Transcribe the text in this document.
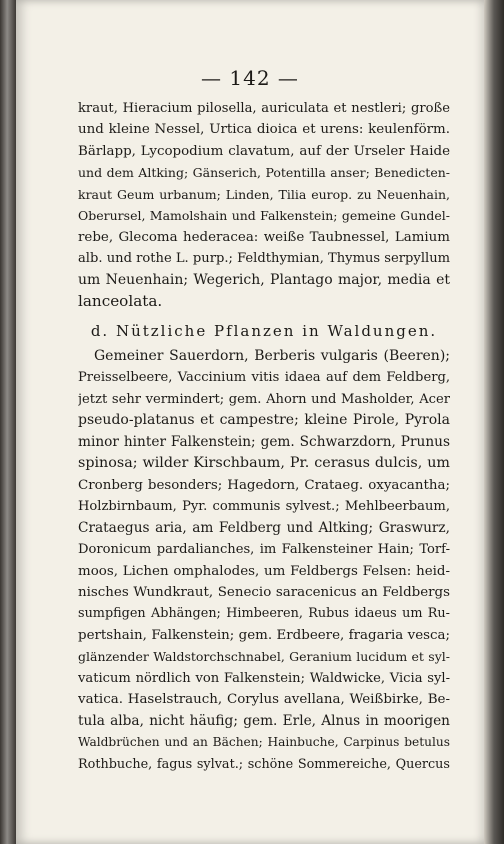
— 142 —
kraut, Hieracium pilosella, auriculata et nestleri; große
und kleine Nessel, Urtica dioica et urens: keulenförm.
Bärlapp, Lycopodium clavatum, auf der Urseler Haide
und dem Altking; Gänserich, Potentilla anser; Benedicten-
kraut Geum urbanum; Linden, Tilia europ. zu Neuenhain,
Oberursel, Mamolshain und Falkenstein; gemeine Gundel-
rebe, Glecoma hederacea: weiße Taubnessel, Lamium
alb. und rothe L. purp.; Feldthymian, Thymus serpyllum
um Neuenhain; Wegerich, Plantago major, media et
lanceolata.
d. Nützliche Pflanzen in Waldungen.
Gemeiner Sauerdorn, Berberis vulgaris (Beeren);
Preisselbeere, Vaccinium vitis idaea auf dem Feldberg,
jetzt sehr vermindert; gem. Ahorn und Masholder, Acer
pseudo-platanus et campestre; kleine Pirole, Pyrola
minor hinter Falkenstein; gem. Schwarzdorn, Prunus
spinosa; wilder Kirschbaum, Pr. cerasus dulcis, um
Cronberg besonders; Hagedorn, Crataeg. oxyacantha;
Holzbirnbaum, Pyr. communis sylvest.; Mehlbeerbaum,
Crataegus aria, am Feldberg und Altking; Graswurz,
Doronicum pardalianches, im Falkensteiner Hain; Torf-
moos, Lichen omphalodes, um Feldbergs Felsen: heid-
nisches Wundkraut, Senecio saracenicus an Feldbergs
sumpfigen Abhängen; Himbeeren, Rubus idaeus um Ru-
pertshain, Falkenstein; gem. Erdbeere, fragaria vesca;
glänzender Waldstorchschnabel, Geranium lucidum et syl-
vaticum nördlich von Falkenstein; Waldwicke, Vicia syl-
vatica. Haselstrauch, Corylus avellana, Weißbirke, Be-
tula alba, nicht häufig; gem. Erle, Alnus in moorigen
Waldbrüchen und an Bächen; Hainbuche, Carpinus betulus
Rothbuche, fagus sylvat.; schöne Sommereiche, Quercus
